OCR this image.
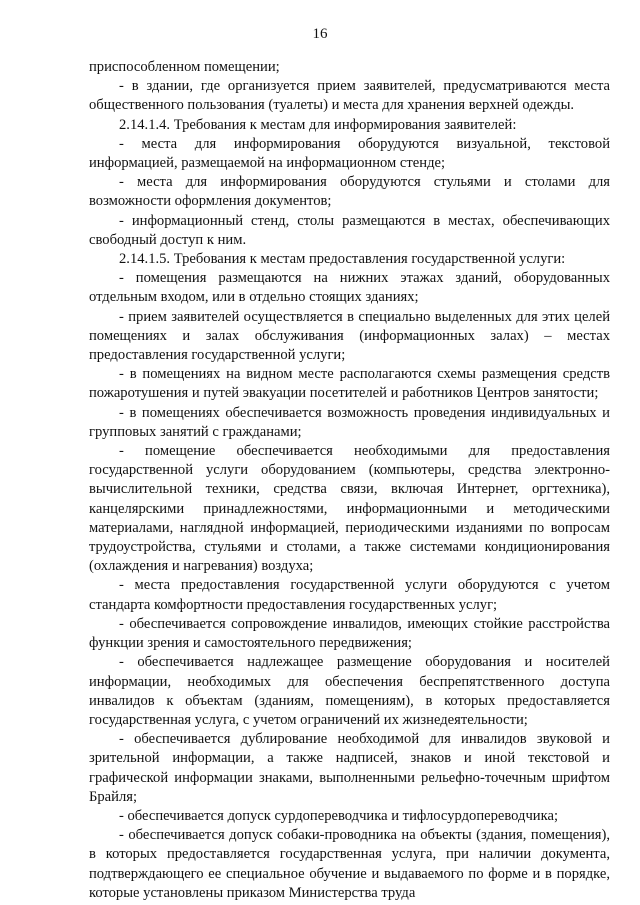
16

приспособленном помещении;

- в здании, где организуется прием заявителей, предусматриваются места общественного пользования (туалеты) и места для хранения верхней одежды.

2.14.1.4. Требования к местам для информирования заявителей:

- места для информирования оборудуются визуальной, текстовой информацией, размещаемой на информационном стенде;

- места для информирования оборудуются стульями и столами для возможности оформления документов;

- информационный стенд, столы размещаются в местах, обеспечивающих свободный доступ к ним.

2.14.1.5. Требования к местам предоставления государственной услуги:

- помещения размещаются на нижних этажах зданий, оборудованных отдельным входом, или в отдельно стоящих зданиях;

- прием заявителей осуществляется в специально выделенных для этих целей помещениях и залах обслуживания (информационных залах) – местах предоставления государственной услуги;

- в помещениях на видном месте располагаются схемы размещения средств пожаротушения и путей эвакуации посетителей и работников Центров занятости;

- в помещениях обеспечивается возможность проведения индивидуальных и групповых занятий с гражданами;

- помещение обеспечивается необходимыми для предоставления государственной услуги оборудованием (компьютеры, средства электронно-вычислительной техники, средства связи, включая Интернет, оргтехника), канцелярскими принадлежностями, информационными и методическими материалами, наглядной информацией, периодическими изданиями по вопросам трудоустройства, стульями и столами, а также системами кондиционирования (охлаждения и нагревания) воздуха;

- места предоставления государственной услуги оборудуются с учетом стандарта комфортности предоставления государственных услуг;

- обеспечивается сопровождение инвалидов, имеющих стойкие расстройства функции зрения и самостоятельного передвижения;

- обеспечивается надлежащее размещение оборудования и носителей информации, необходимых для обеспечения беспрепятственного доступа инвалидов к объектам (зданиям, помещениям), в которых предоставляется государственная услуга, с учетом ограничений их жизнедеятельности;

- обеспечивается дублирование необходимой для инвалидов звуковой и зрительной информации, а также надписей, знаков и иной текстовой и графической информации знаками, выполненными рельефно-точечным шрифтом Брайля;

- обеспечивается допуск сурдопереводчика и тифлосурдопереводчика;

- обеспечивается допуск собаки-проводника на объекты (здания, помещения), в которых предоставляется государственная услуга, при наличии документа, подтверждающего ее специальное обучение и выдаваемого по форме и в порядке, которые установлены приказом Министерства труда
